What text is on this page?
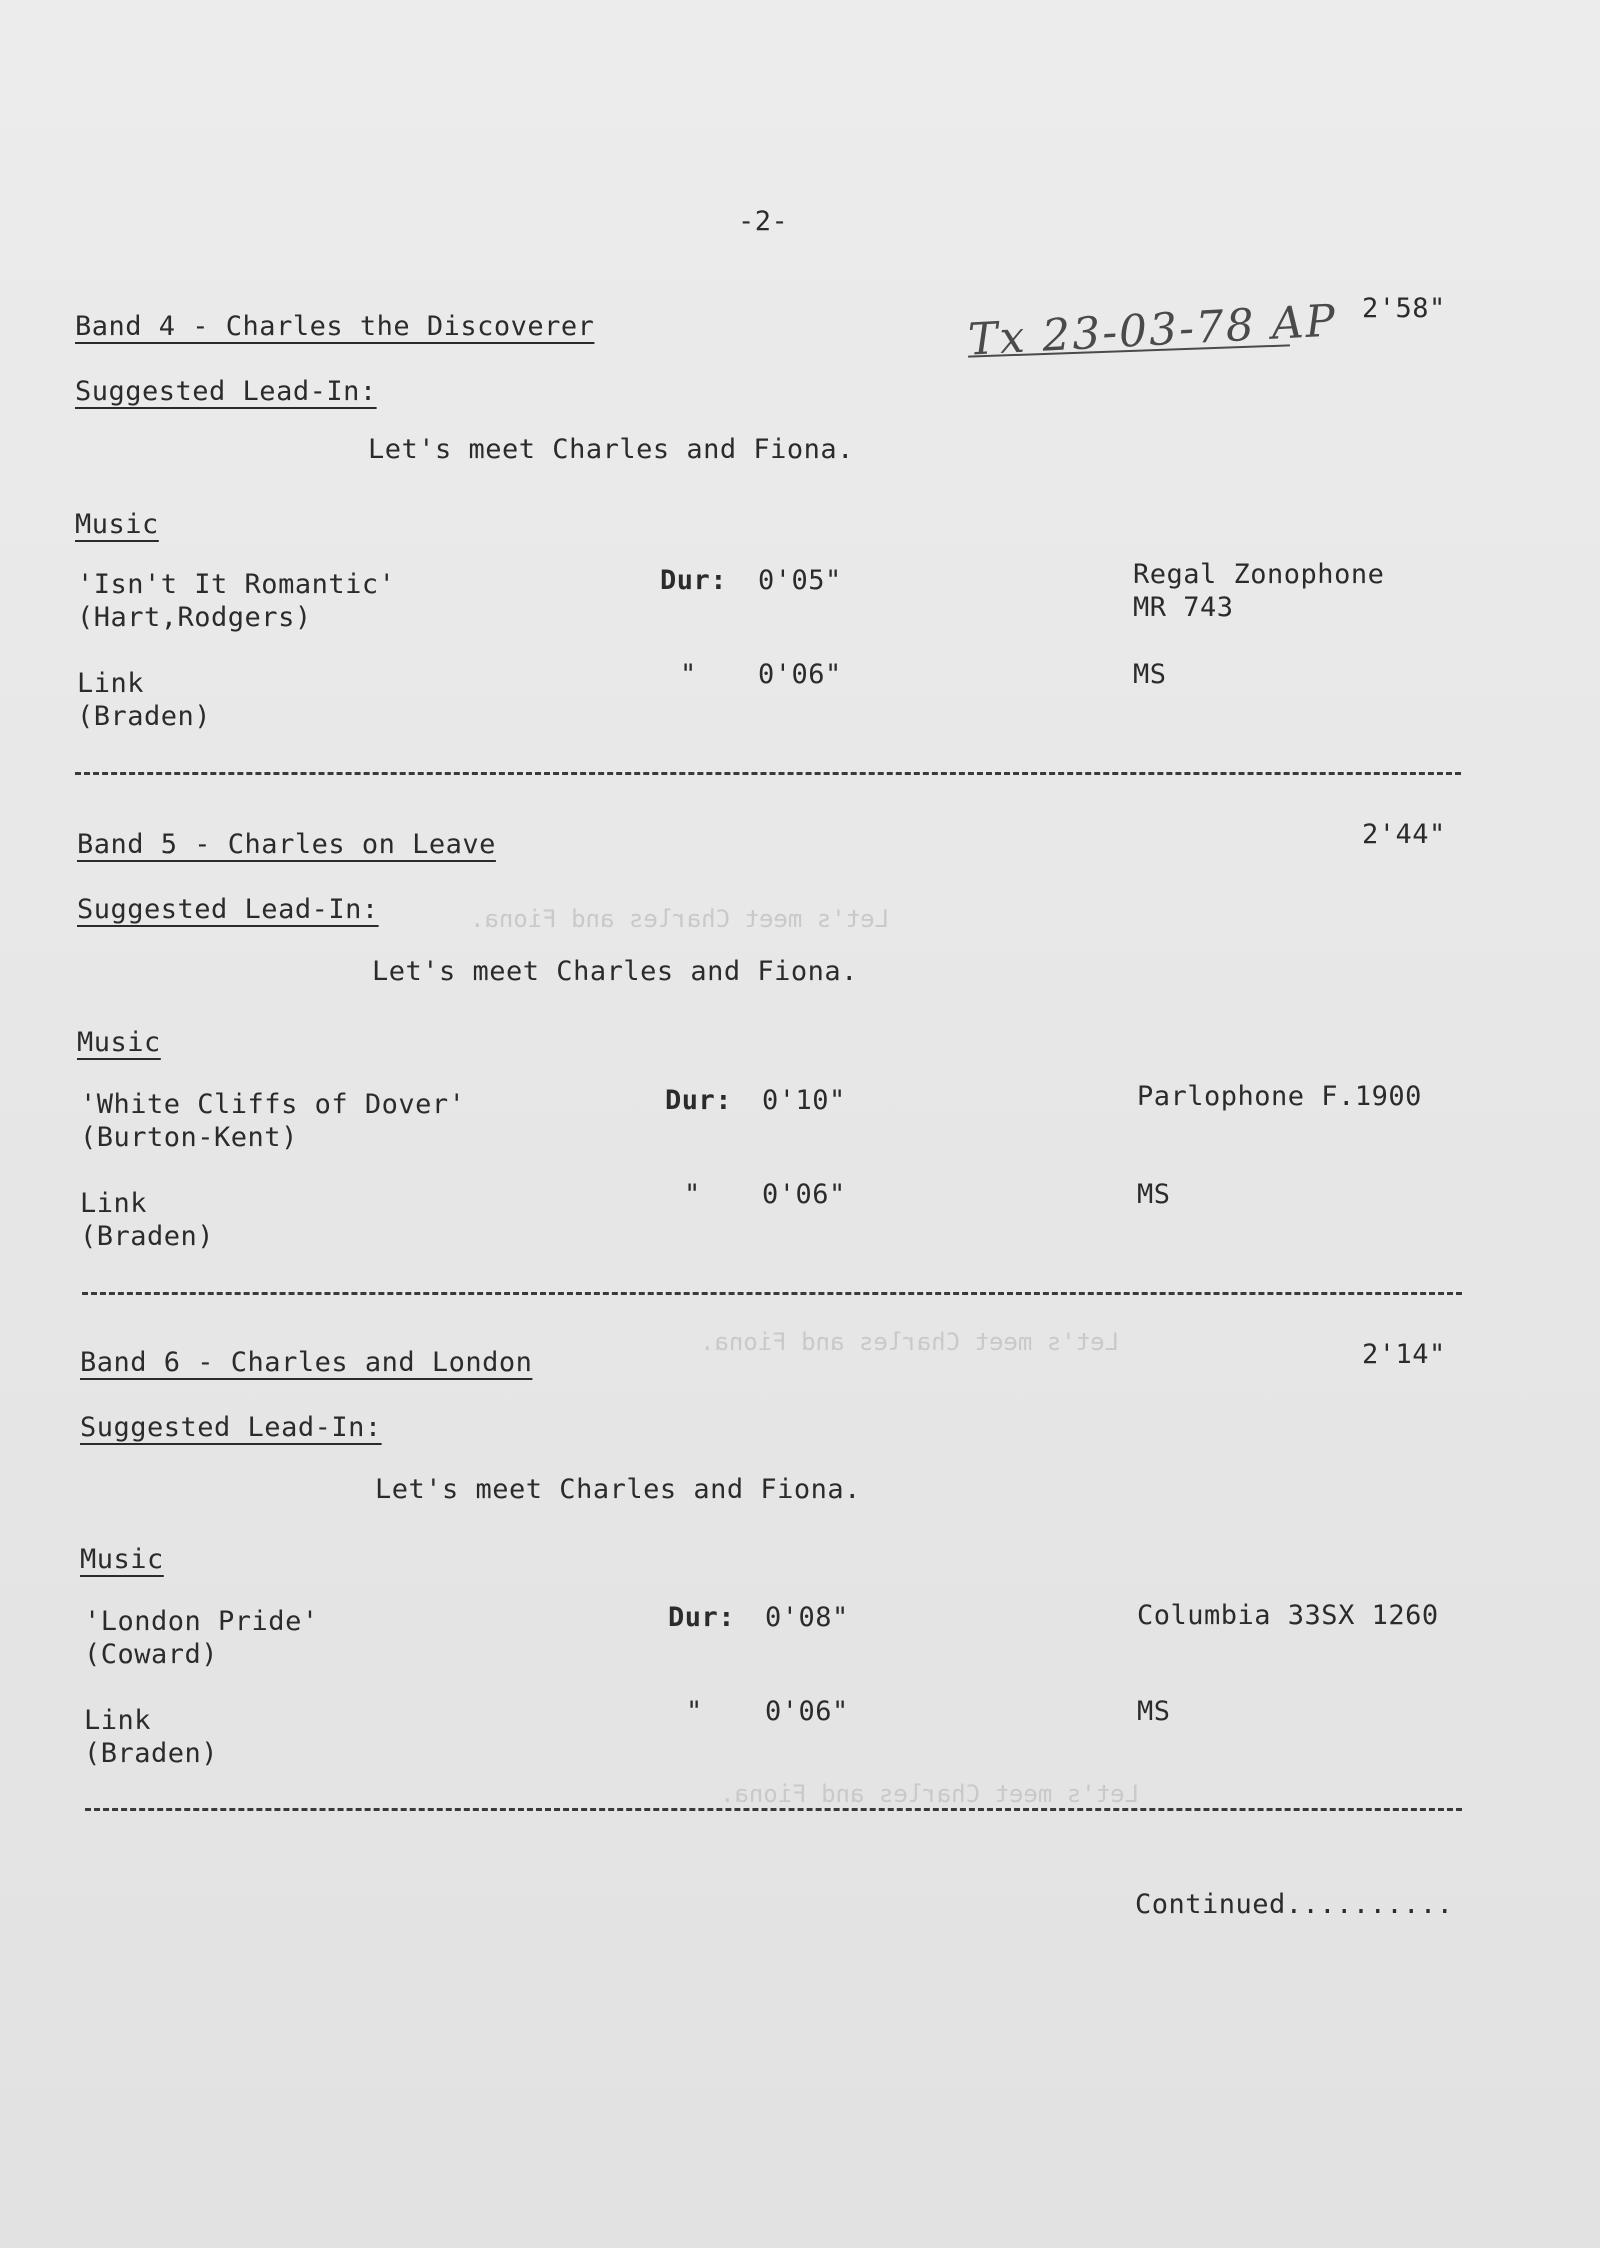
Let's meet Charles and Fiona.
Let's meet Charles and Fiona.
Let's meet Charles and Fiona.
-2-
Tx 23-03-78 AP
Band 4 - Charles the Discoverer
2'58"
Suggested Lead-In:
Let's meet Charles and Fiona.
Music
'Isn't It Romantic'
(Hart,Rodgers)
Dur: 0'05"	Regal Zonophone
MR 743
Link
(Braden)
" 0'06"	MS
Band 5 - Charles on Leave	2'44"
Suggested Lead-In:
Let's meet Charles and Fiona.
Music
'White Cliffs of Dover'
(Burton-Kent)
Dur: 0'10"	Parlophone F.1900
Link
(Braden)
" 0'06"	MS
Band 6 - Charles and London	2'14"
Suggested Lead-In:
Let's meet Charles and Fiona.
Music
'London Pride'
(Coward)
Dur: 0'08"	Columbia 33SX 1260
Link
(Braden)
" 0'06"	MS
Continued..........
